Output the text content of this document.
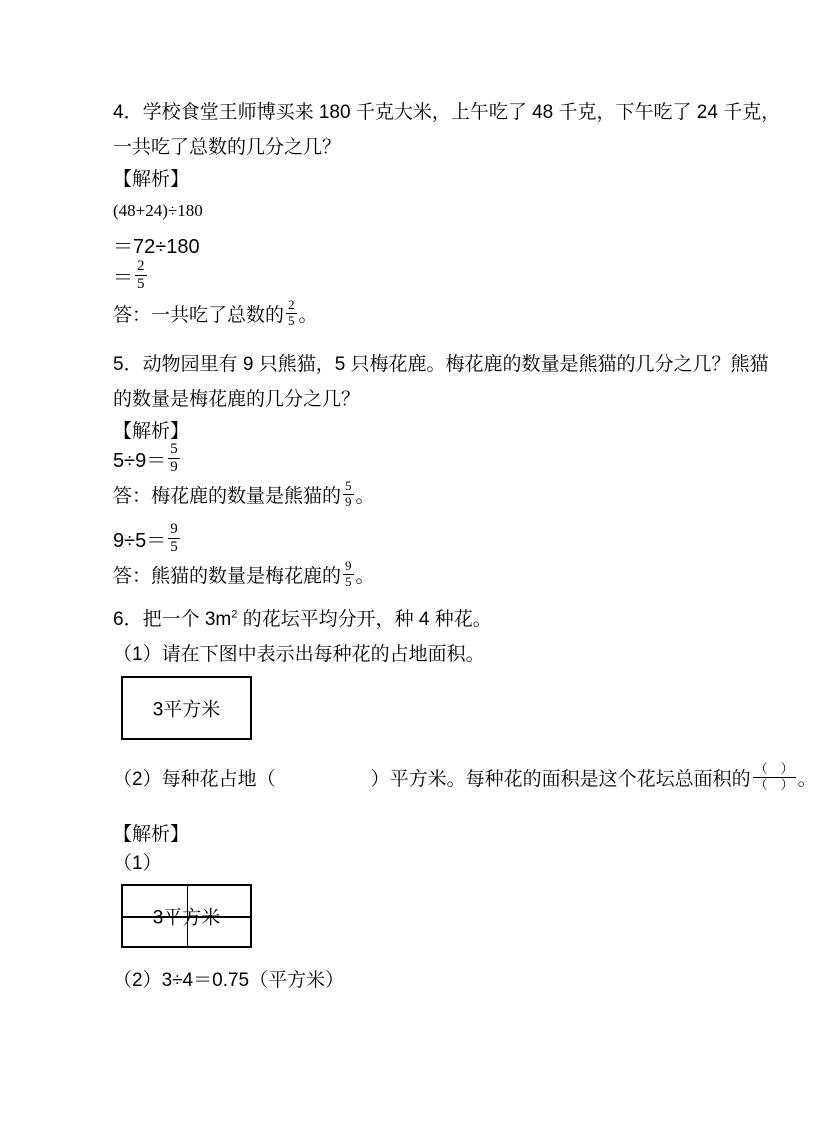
4．学校食堂王师博买来 180 千克大米，上午吃了 48 千克，下午吃了 24 千克，
一共吃了总数的几分之几？
【解析】
(48+24)÷180
＝72÷180
＝ $\frac{2}{5}$
答：一共吃了总数的 $\frac{2}{5}$ 。
5．动物园里有 9 只熊猫，5 只梅花鹿。梅花鹿的数量是熊猫的几分之几？熊猫
的数量是梅花鹿的几分之几？
【解析】
$5\div 9= \frac{5}{9}$
答：梅花鹿的数量是熊猫的 $\frac{5}{9}$ 。
$9\div 5= \frac{9}{5}$
答：熊猫的数量是梅花鹿的 $\frac{9}{5}$ 。
6．把一个 $3m^2$ 的花坛平均分开，种 4 种花。
（1）请在下图中表示出每种花的占地面积。
3平方米
（2）每种花占地（　　　　　）平方米。每种花的面积是这个花坛总面积的 $\frac{( )}{( )}$ 。
【解析】
（1）
3平方米
（2）3÷4＝0.75（平方米）
